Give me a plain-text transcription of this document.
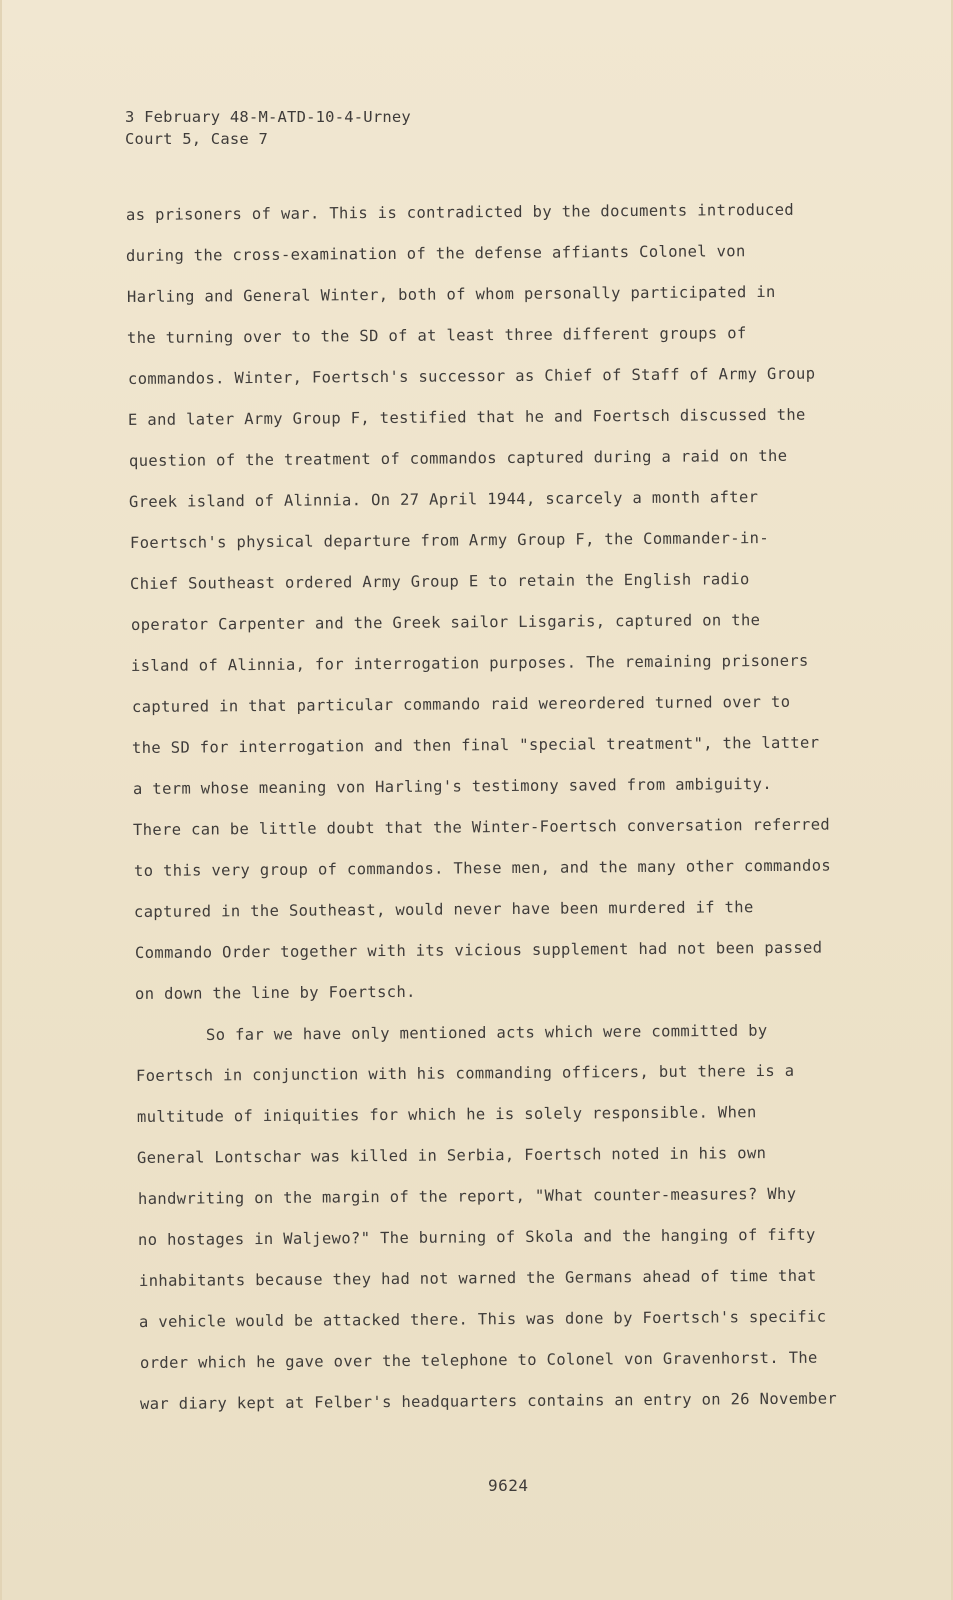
3 February 48-M-ATD-10-4-Urney
Court 5, Case 7
as prisoners of war. This is contradicted by the documents introduced
during the cross-examination of the defense affiants Colonel von
Harling and General Winter, both of whom personally participated in
the turning over to the SD of at least three different groups of
commandos. Winter, Foertsch's successor as Chief of Staff of Army Group
E and later Army Group F, testified that he and Foertsch discussed the
question of the treatment of commandos captured during a raid on the
Greek island of Alinnia. On 27 April 1944, scarcely a month after
Foertsch's physical departure from Army Group F, the Commander-in-
Chief Southeast ordered Army Group E to retain the English radio
operator Carpenter and the Greek sailor Lisgaris, captured on the
island of Alinnia, for interrogation purposes. The remaining prisoners
captured in that particular commando raid wereordered turned over to
the SD for interrogation and then final "special treatment", the latter
a term whose meaning von Harling's testimony saved from ambiguity.
There can be little doubt that the Winter-Foertsch conversation referred
to this very group of commandos. These men, and the many other commandos
captured in the Southeast, would never have been murdered if the
Commando Order together with its vicious supplement had not been passed
on down the line by Foertsch.
So far we have only mentioned acts which were committed by
Foertsch in conjunction with his commanding officers, but there is a
multitude of iniquities for which he is solely responsible. When
General Lontschar was killed in Serbia, Foertsch noted in his own
handwriting on the margin of the report, "What counter-measures? Why
no hostages in Waljewo?" The burning of Skola and the hanging of fifty
inhabitants because they had not warned the Germans ahead of time that
a vehicle would be attacked there. This was done by Foertsch's specific
order which he gave over the telephone to Colonel von Gravenhorst. The
war diary kept at Felber's headquarters contains an entry on 26 November
9624
